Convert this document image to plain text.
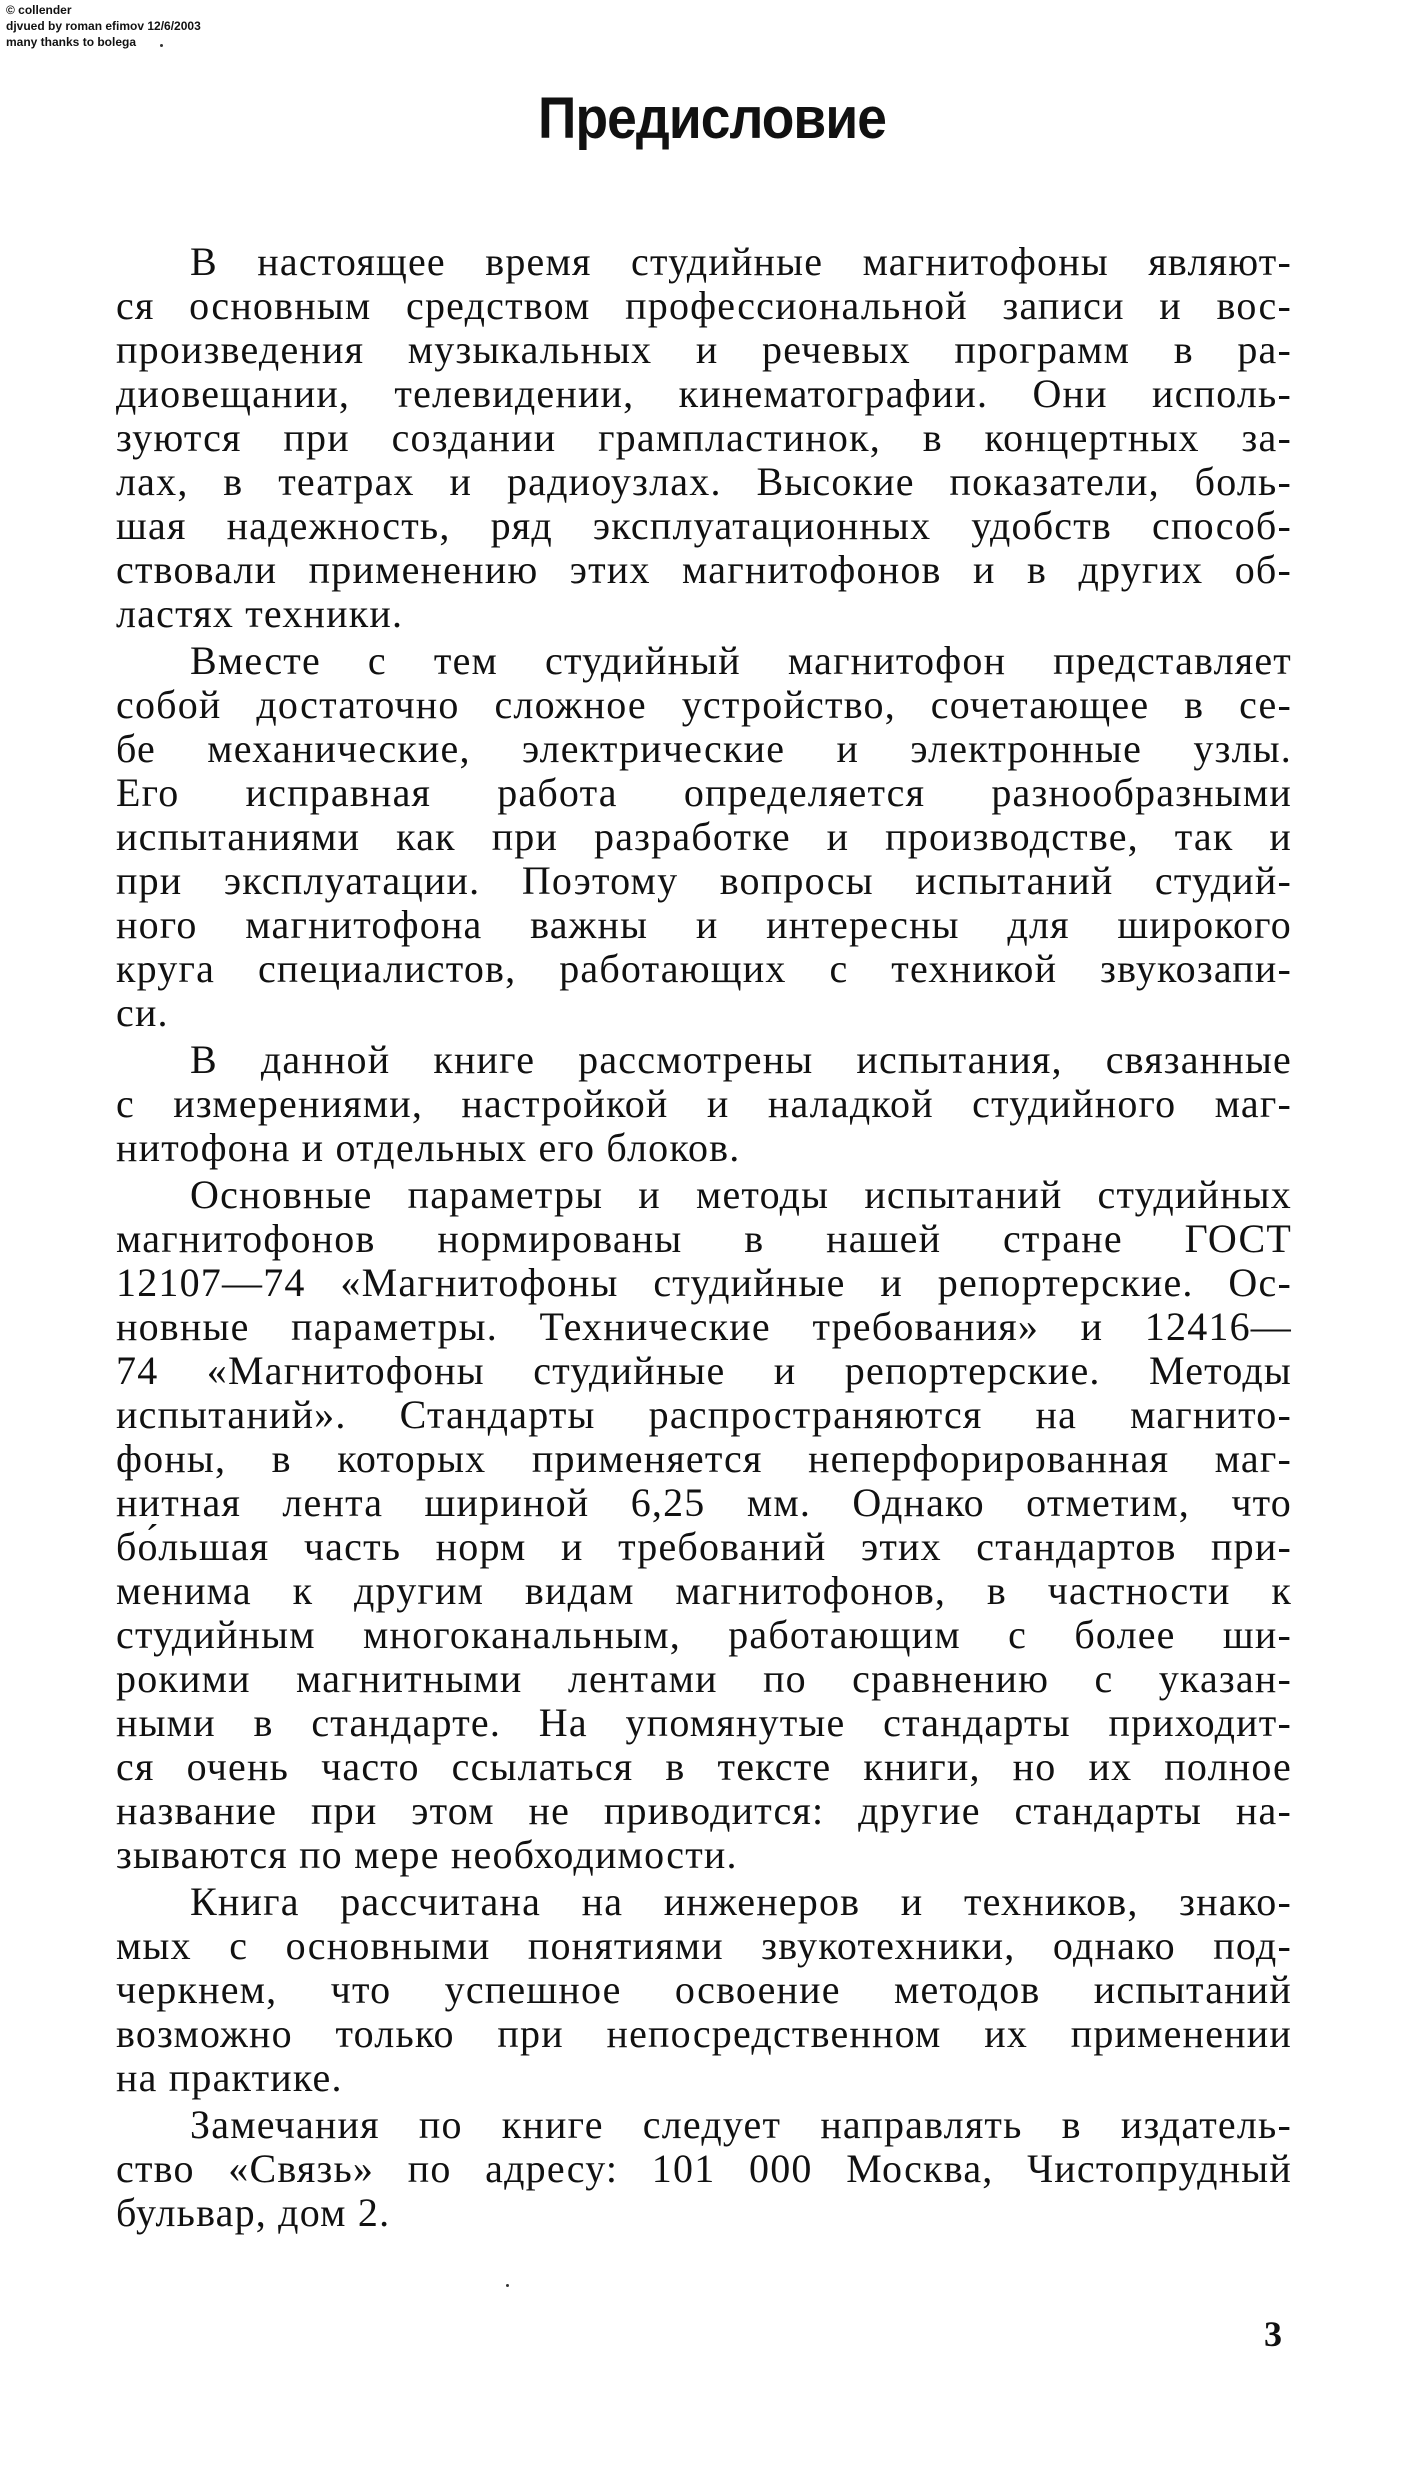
© collender
djvued by roman efimov 12/6/2003
many thanks to bolega
Предисловие
В настоящее время студийные магнитофоны являют-
ся основным средством профессиональной записи и вос-
произведения музыкальных и речевых программ в ра-
диовещании, телевидении, кинематографии. Они исполь-
зуются при создании грампластинок, в концертных за-
лах, в театрах и радиоузлах. Высокие показатели, боль-
шая надежность, ряд эксплуатационных удобств способ-
ствовали применению этих магнитофонов и в других об-
ластях техники.
Вместе с тем студийный магнитофон представляет
собой достаточно сложное устройство, сочетающее в се-
бе механические, электрические и электронные узлы.
Его исправная работа определяется разнообразными
испытаниями как при разработке и производстве, так и
при эксплуатации. Поэтому вопросы испытаний студий-
ного магнитофона важны и интересны для широкого
круга специалистов, работающих с техникой звукозапи-
си.
В данной книге рассмотрены испытания, связанные
с измерениями, настройкой и наладкой студийного маг-
нитофона и отдельных его блоков.
Основные параметры и методы испытаний студийных
магнитофонов нормированы в нашей стране ГОСТ
12107—74 «Магнитофоны студийные и репортерские. Ос-
новные параметры. Технические требования» и 12416—
74 «Магнитофоны студийные и репортерские. Методы
испытаний». Стандарты распространяются на магнито-
фоны, в которых применяется неперфорированная маг-
нитная лента шириной 6,25 мм. Однако отметим, что
бо́льшая часть норм и требований этих стандартов при-
менима к другим видам магнитофонов, в частности к
студийным многоканальным, работающим с более ши-
рокими магнитными лентами по сравнению с указан-
ными в стандарте. На упомянутые стандарты приходит-
ся очень часто ссылаться в тексте книги, но их полное
название при этом не приводится: другие стандарты на-
зываются по мере необходимости.
Книга рассчитана на инженеров и техников, знако-
мых с основными понятиями звукотехники, однако под-
черкнем, что успешное освоение методов испытаний
возможно только при непосредственном их применении
на практике.
Замечания по книге следует направлять в издатель-
ство «Связь» по адресу: 101 000 Москва, Чистопрудный
бульвар, дом 2.
3
